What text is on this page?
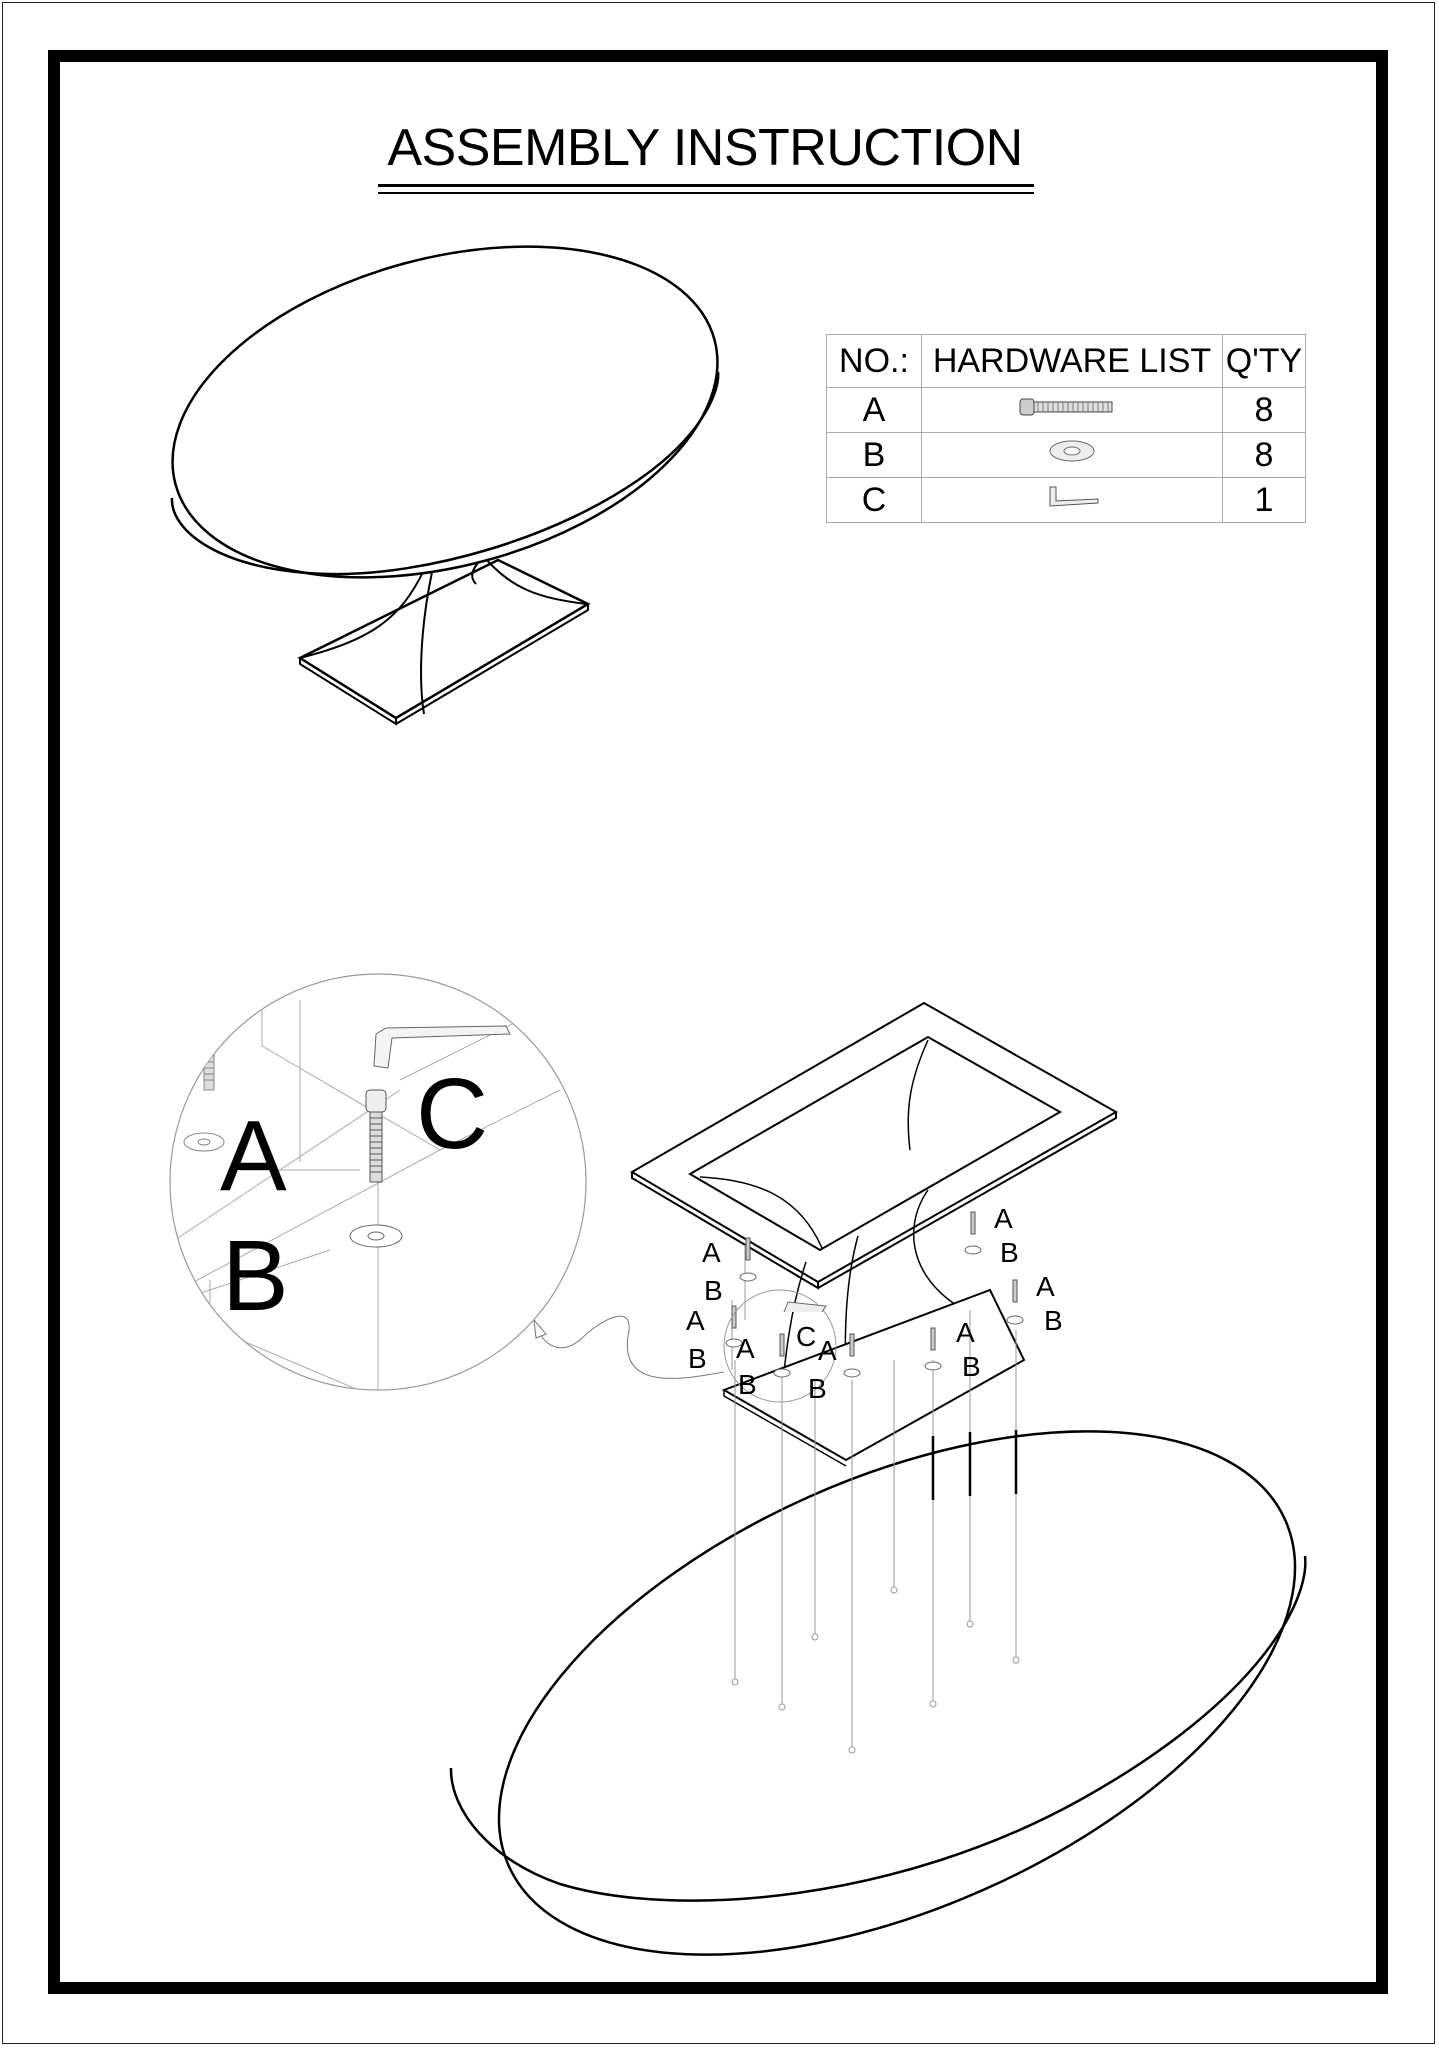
ASSEMBLY INSTRUCTION
NO.:	HARDWARE LIST	Q'TY
A		8
B		8
C		1
A
B
A
B A
B
C A
B
A
B
A
B
A
B
A
B
C
